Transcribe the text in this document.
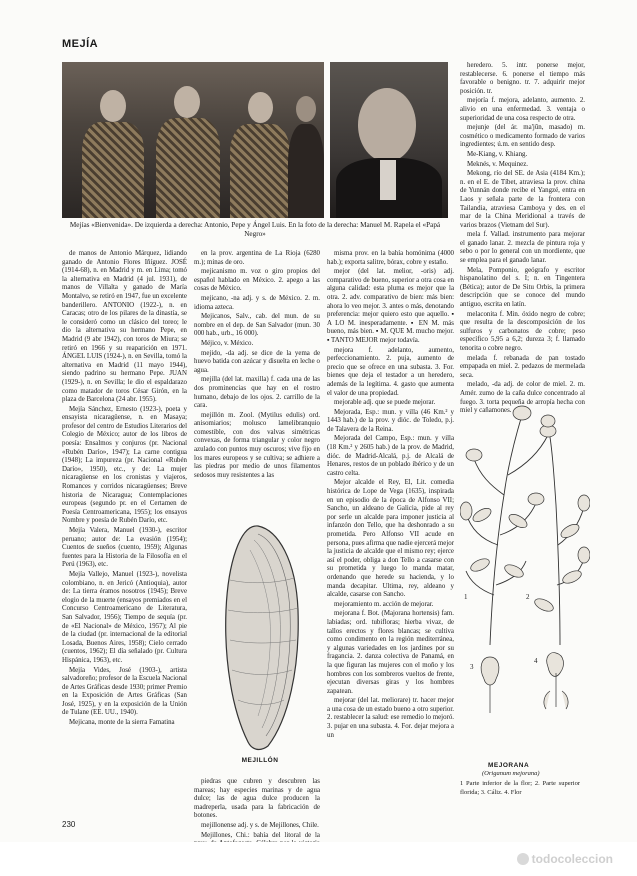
MEJÍA
Mejías «Bienvenida». De izquierda a derecha: Antonio, Pepe y Ángel Luis. En la foto de la derecha: Manuel M. Rapela el «Papá Negro»

de manos de Antonio Márquez, lidiando ganado de Antonio Flores Iñíguez. JOSÉ (1914-68), n. en Madrid y m. en Lima; tomó la alternativa en Madrid (4 jul. 1931), de manos de Villalta y ganado de María Montalvo, se retiró en 1947, fue un excelente banderillero. ANTONIO (1922-), n. en Caracas; otro de los pilares de la dinastía, se le consideró como un clásico del toreo; le dio la alternativa su hermano Pepe, en Madrid (9 abr 1942), con toros de Miura; se retiró en 1966 y su reaparición en 1971. ÁNGEL LUIS (1924-), n. en Sevilla, tomó la alternativa en Madrid (11 mayo 1944), siendo padrino su hermano Pepe. JUAN (1929-), n. en Sevilla; le dio el espaldarazo como matador de toros César Girón, en la plaza de Barcelona (24 abr. 1955).

Mejía Sánchez, Ernesto (1923-), poeta y ensayista nicaragüense, n. en Masaya; profesor del centro de Estudios Literarios del Colegio de México; autor de los libros de poesía: Ensalmos y conjuros (pr. Nacional «Rubén Darío», 1947); La carne contigua (1948); La impureza (pr. Nacional «Rubén Darío», 1950), etc., y de: La mujer nicaragüense en los cronistas y viajeros, Romances y corridos nicaragüenses; Breve historia de Nicaragua; Contemplaciones europeas (segundo pr. en el Certamen de Poesía Centroamericana, 1955); los ensayos Nombre y poesía de Rubén Darío, etc.

Mejía Valera, Manuel (1930-), escritor peruano; autor de: La evasión (1954); Cuentos de sueños (cuento, 1959); Algunas fuentes para la Historia de la Filosofía en el Perú (1963), etc.

Mejía Vallejo, Manuel (1923-), novelista colombiano, n. en Jericó (Antioquia), autor de: La tierra éramos nosotros (1945); Breve elogio de la muerte (ensayos premiados en el Concurso Centroamericano de Literatura, San Salvador, 1956); Tiempo de sequía (pr. de «El Nacional» de México, 1957); Al pie de la ciudad (pr. internacional de la editorial Losada, Buenos Aires, 1958); Cielo cerrado (cuentos, 1962); El día señalado (pr. Cultura Hispánica, 1963), etc.

Mejía Vides, José (1903-), artista salvadoreño; profesor de la Escuela Nacional de Artes Gráficas desde 1930; primer Premio en la Exposición de Artes Gráficas (San José, 1925), y en la exposición de la Unión de Tulane (EE. UU., 1940).

Mejicana, monte de la sierra Famatina

en la prov. argentina de La Rioja (6280 m.); minas de oro.

mejicanismo m. voz o giro propios del español hablado en México. 2. apego a las cosas de México.

mejicano, -na adj. y s. de México. 2. m. idioma azteca.

Mejicanos, Salv., cab. del mun. de su nombre en el dep. de San Salvador (mun. 30 000 hab., urb., 16 000).

Méjico, v. México.

mejido, -da adj. se dice de la yema de huevo batida con azúcar y disuelta en leche o agua.

mejilla (del lat. maxilla) f. cada una de las dos prominencias que hay en el rostro humano, debajo de los ojos. 2. carrillo de la cara.

mejillón m. Zool. (Mytilus edulis) ord. anisomiarios; molusco lamelibranquio comestible, con dos valvas simétricas convexas, de forma triangular y color negro azulado con puntos muy oscuros; vive fijo en los mares europeos y se cultiva; se adhiere a las piedras por medio de unos filamentos sedosos muy resistentes a las

MEJILLÓN

piedras que cubren y descubren las mareas; hay especies marinas y de agua dulce; las de agua dulce producen la madreperla, usada para la fabricación de botones.

mejillonense adj. y s. de Mejillones, Chile.

Mejillones, Chi.: bahía del litoral de la

misma prov. en la bahía homónima (4000 hab.); exporta salitre, bórax, cobre y estaño.

mejor (del lat. melior, -oris) adj. comparativo de bueno, superior a otra cosa en alguna calidad: esta pluma es mejor que la otra. 2. adv. comparativo de bien: más bien: ahora lo veo mejor. 3. antes o más, denotando preferencia: mejor quiero esto que aquello. ▪ A LO M. inesperadamente. ▪ EN M. más bueno, más bien. ▪ M. QUE M. mucho mejor. ▪ TANTO MEJOR mejor todavía.

mejora f. adelanto, aumento, perfeccionamiento. 2. puja, aumento de precio que se ofrece en una subasta. 3. For. bienes que deja el testador a un heredero, además de la legítima. 4. gasto que aumenta el valor de una propiedad.

mejorable adj. que se puede mejorar.

Mejorada, Esp.: mun. y villa (46 Km.² y 1443 hab.) de la prov. y dióc. de Toledo, p.j. de Talavera de la Reina.

Mejorada del Campo, Esp.: mun. y villa (18 Km.² y 2605 hab.) de la prov. de Madrid, dióc. de Madrid-Alcalá, p.j. de Alcalá de Henares, restos de un poblado ibérico y de un castro celta.

Mejor alcalde el Rey, El, Lit. comedia histórica de Lope de Vega (1635), inspirada en un episodio de la época de Alfonso VII; Sancho, un aldeano de Galicia, pide al rey por serle un alcalde para imponer justicia al infanzón don Tello, que ha deshonrado a su prometida. Pero Alfonso VII acude en persona, pues afirma que nadie ejercerá mejor la justicia de alcalde que el mismo rey; ejerce así el poder, obliga a don Tello a casarse con su prometida y luego lo manda matar, ordenando que herede su hacienda, y lo manda decapitar. Ultima, rey, aldeano y alcalde, casarse con Sancho.

mejoramiento m. acción de mejorar.

mejorana f. Bot. (Majorana hortensis) fam. labiadas; ord. tubifloras; hierba vivaz, de tallos erectos y flores blancas; se cultiva como condimento en la región mediterránea, y algunas variedades en los jardines por su fragancia. 2. danza colectiva de Panamá, en la que figuran las mujeres con el moño y los hombres con los sombreros vueltos de frente, ejecutan diversas giras y los hombres zapatean.

mejorar (del lat. meliorare) tr. hacer mejor a una cosa de un estado bueno a otro superior. 2. restablecer la salud: ese remedio lo mejoró. 3. pujar en una subasta. 4. For. dejar mejora a un

heredero. 5. intr. ponerse mejor, restablecerse. 6. ponerse el tiempo más favorable o benigno. tr. 7. adquirir mejor posición. tr.

mejoría f. mejora, adelanto, aumento. 2. alivio en una enfermedad. 3. ventaja o superioridad de una cosa respecto de otra.

mejunje (del ár. ma'jūn, masado) m. cosmético o medicamento formado de varios ingredientes; ú.m. en sentido desp.

Me-Kiang, v. Khiang.

Meknés, v. Mequinez.

Mekong, río del SE. de Asia (4184 Km.); n. en el E. de Tíbet, atraviesa la prov. china de Yunnán donde recibe el Yangzé, entra en Laos y señala parte de la frontera con Tailandia, atraviesa Camboya y des. en el mar de la China Meridional a través de varios brazos (Vietnam del Sur).

mela f. Vallad. instrumento para mejorar el ganado lanar. 2. mezcla de pintura roja y sebo o por lo general con un mordiente, que se emplea para el ganado lanar.

Mela, Pomponio, geógrafo y escritor hispanolatino del s. I; n. en Tingentera (Bética); autor de De Situ Orbis, la primera descripción que se conoce del mundo antiguo, escrita en latín.

melaconita f. Min. óxido negro de cobre; que resulta de la descomposición de los sulfuros y carbonatos de cobre; peso específico 5,95 a 6,2; dureza 3; f. llamado tenorita o cobre negro.

melada f. rebanada de pan tostado empapada en miel. 2. pedazos de mermelada seca.

melado, -da adj. de color de miel. 2. m. Amér. zumo de la caña dulce concentrado al fuego. 3. torta pequeña de arropía hecha con miel y cañamones.

1	2
3
4
MEJORANA
(Origanum mejorana)
1 Parte inferior de la flor; 2. Parte superior florida; 3. Cáliz. 4. Flor
230
todocoleccion
